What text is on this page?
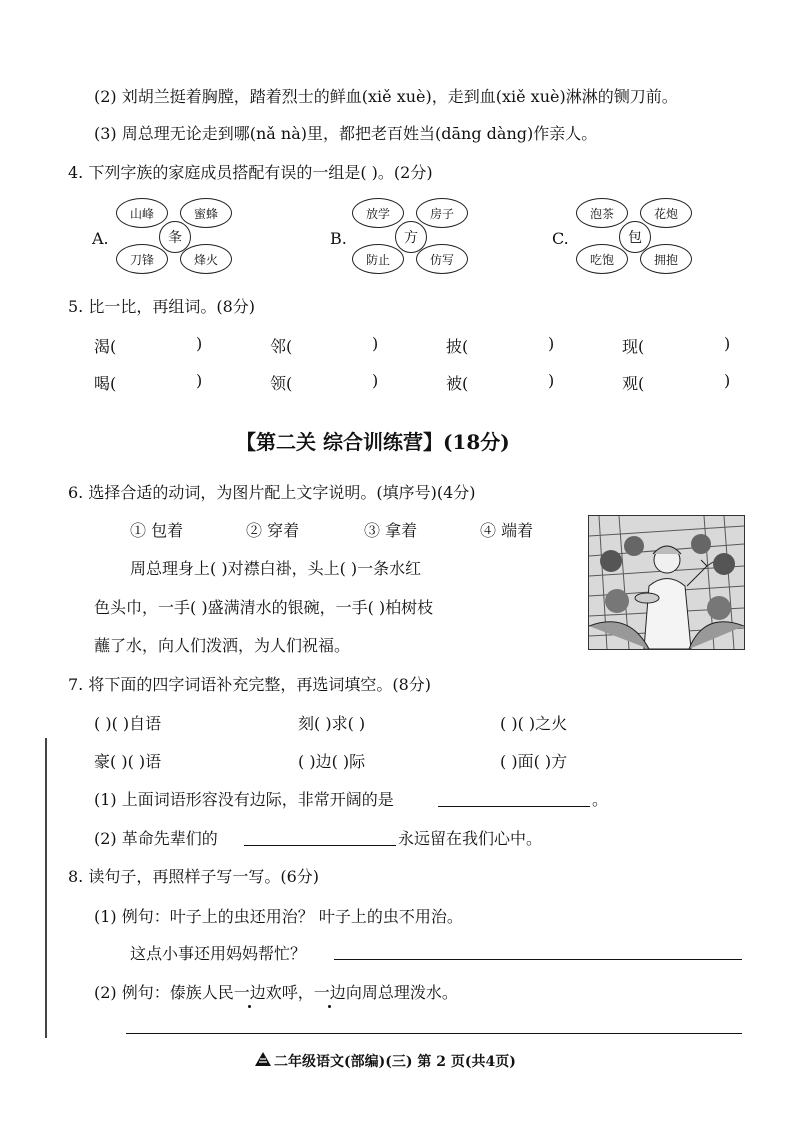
(2) 刘胡兰挺着胸膛，踏着烈士的鲜血(xiě xuè)，走到血(xiě xuè)淋淋的铡刀前。
(3) 周总理无论走到哪(nǎ nà)里，都把老百姓当(dāng dàng)作亲人。
4. 下列字族的家庭成员搭配有误的一组是( )。(2分)
A.
山峰	蜜蜂
刀锋	烽火
夆	B.
放学	房子
防止	仿写
方	C.
泡茶	花炮
吃饱	拥抱
包
5. 比一比，再组词。(8分)
渴(	)	邻(	)	披(	)	现(	)
喝(	)	领(	)	被(	)	观(	)
【第二关 综合训练营】(18分)
6. 选择合适的动词，为图片配上文字说明。(填序号)(4分)
① 包着	② 穿着	③ 拿着	④ 端着
周总理身上( )对襟白褂，头上( )一条水红
色头巾，一手( )盛满清水的银碗，一手( )柏树枝
蘸了水，向人们泼洒，为人们祝福。
7. 将下面的四字词语补充完整，再选词填空。(8分)
( )( )自语	刻( )求( )	( )( )之火
豪( )( )语	( )边( )际	( )面( )方
(1) 上面词语形容没有边际，非常开阔的是	。
(2) 革命先辈们的	永远留在我们心中。
8. 读句子，再照样子写一写。(6分)
(1) 例句：叶子上的虫还用治？ 叶子上的虫不用治。
这点小事还用妈妈帮忙？
(2) 例句：傣族人民一边欢呼，一边向周总理泼水。
二年级语文(部编)(三) 第 2 页(共4页)
